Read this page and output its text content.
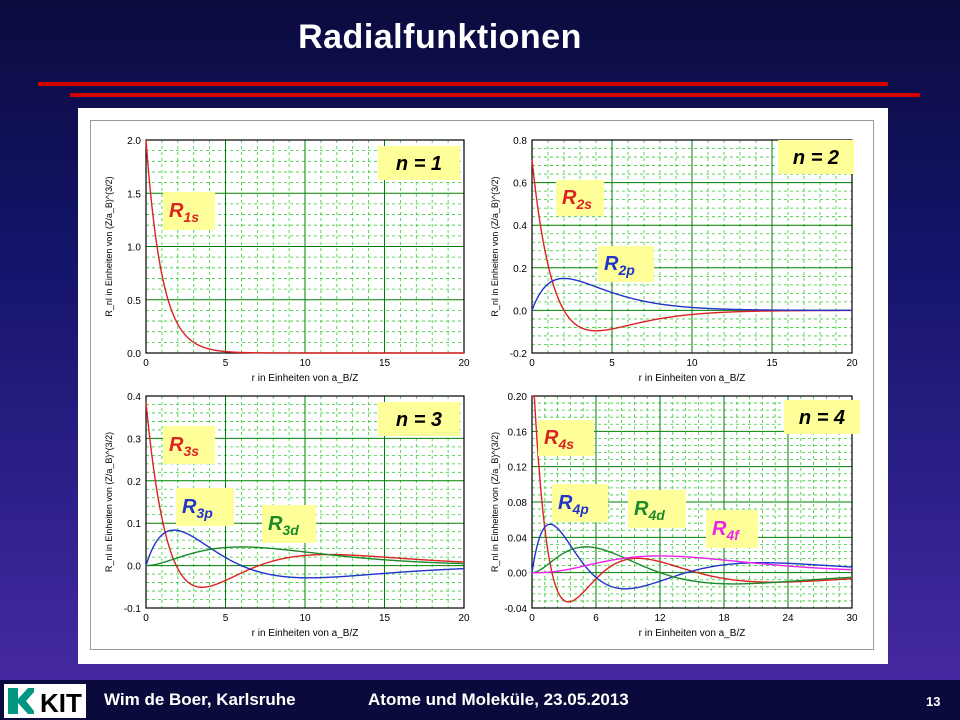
Radialfunktionen
0	5	10	15	20
0.0
0.5
1.0
1.5
2.0
r in Einheiten von a_B/Z
R_nl in Einheiten von (Z/a_B)^(3/2)
n = 1
$R_{1s}$
0	5	10	15	20
-0.2
0.0
0.2
0.4
0.6
0.8
r in Einheiten von a_B/Z
R_nl in Einheiten von (Z/a_B)^(3/2)
n = 2
$R_{2s}$
$R_{2p}$
0	5	10	15	20
-0.1
0.0
0.1
0.2
0.3
0.4
r in Einheiten von a_B/Z
R_nl in Einheiten von (Z/a_B)^(3/2)
n = 3
$R_{3s}$
$R_{3p}$	$R_{3d}$
0	6	12	18	24	30
-0.04
0.00
0.04
0.08
0.12
0.16
0.20
r in Einheiten von a_B/Z
R_nl in Einheiten von (Z/a_B)^(3/2)
n = 4
$R_{4s}$
$R_{4p}$ $R_{4d}$
$R_{4f}$
KIT Wim de Boer, Karlsruhe	Atome und Moleküle, 23.05.2013	13
